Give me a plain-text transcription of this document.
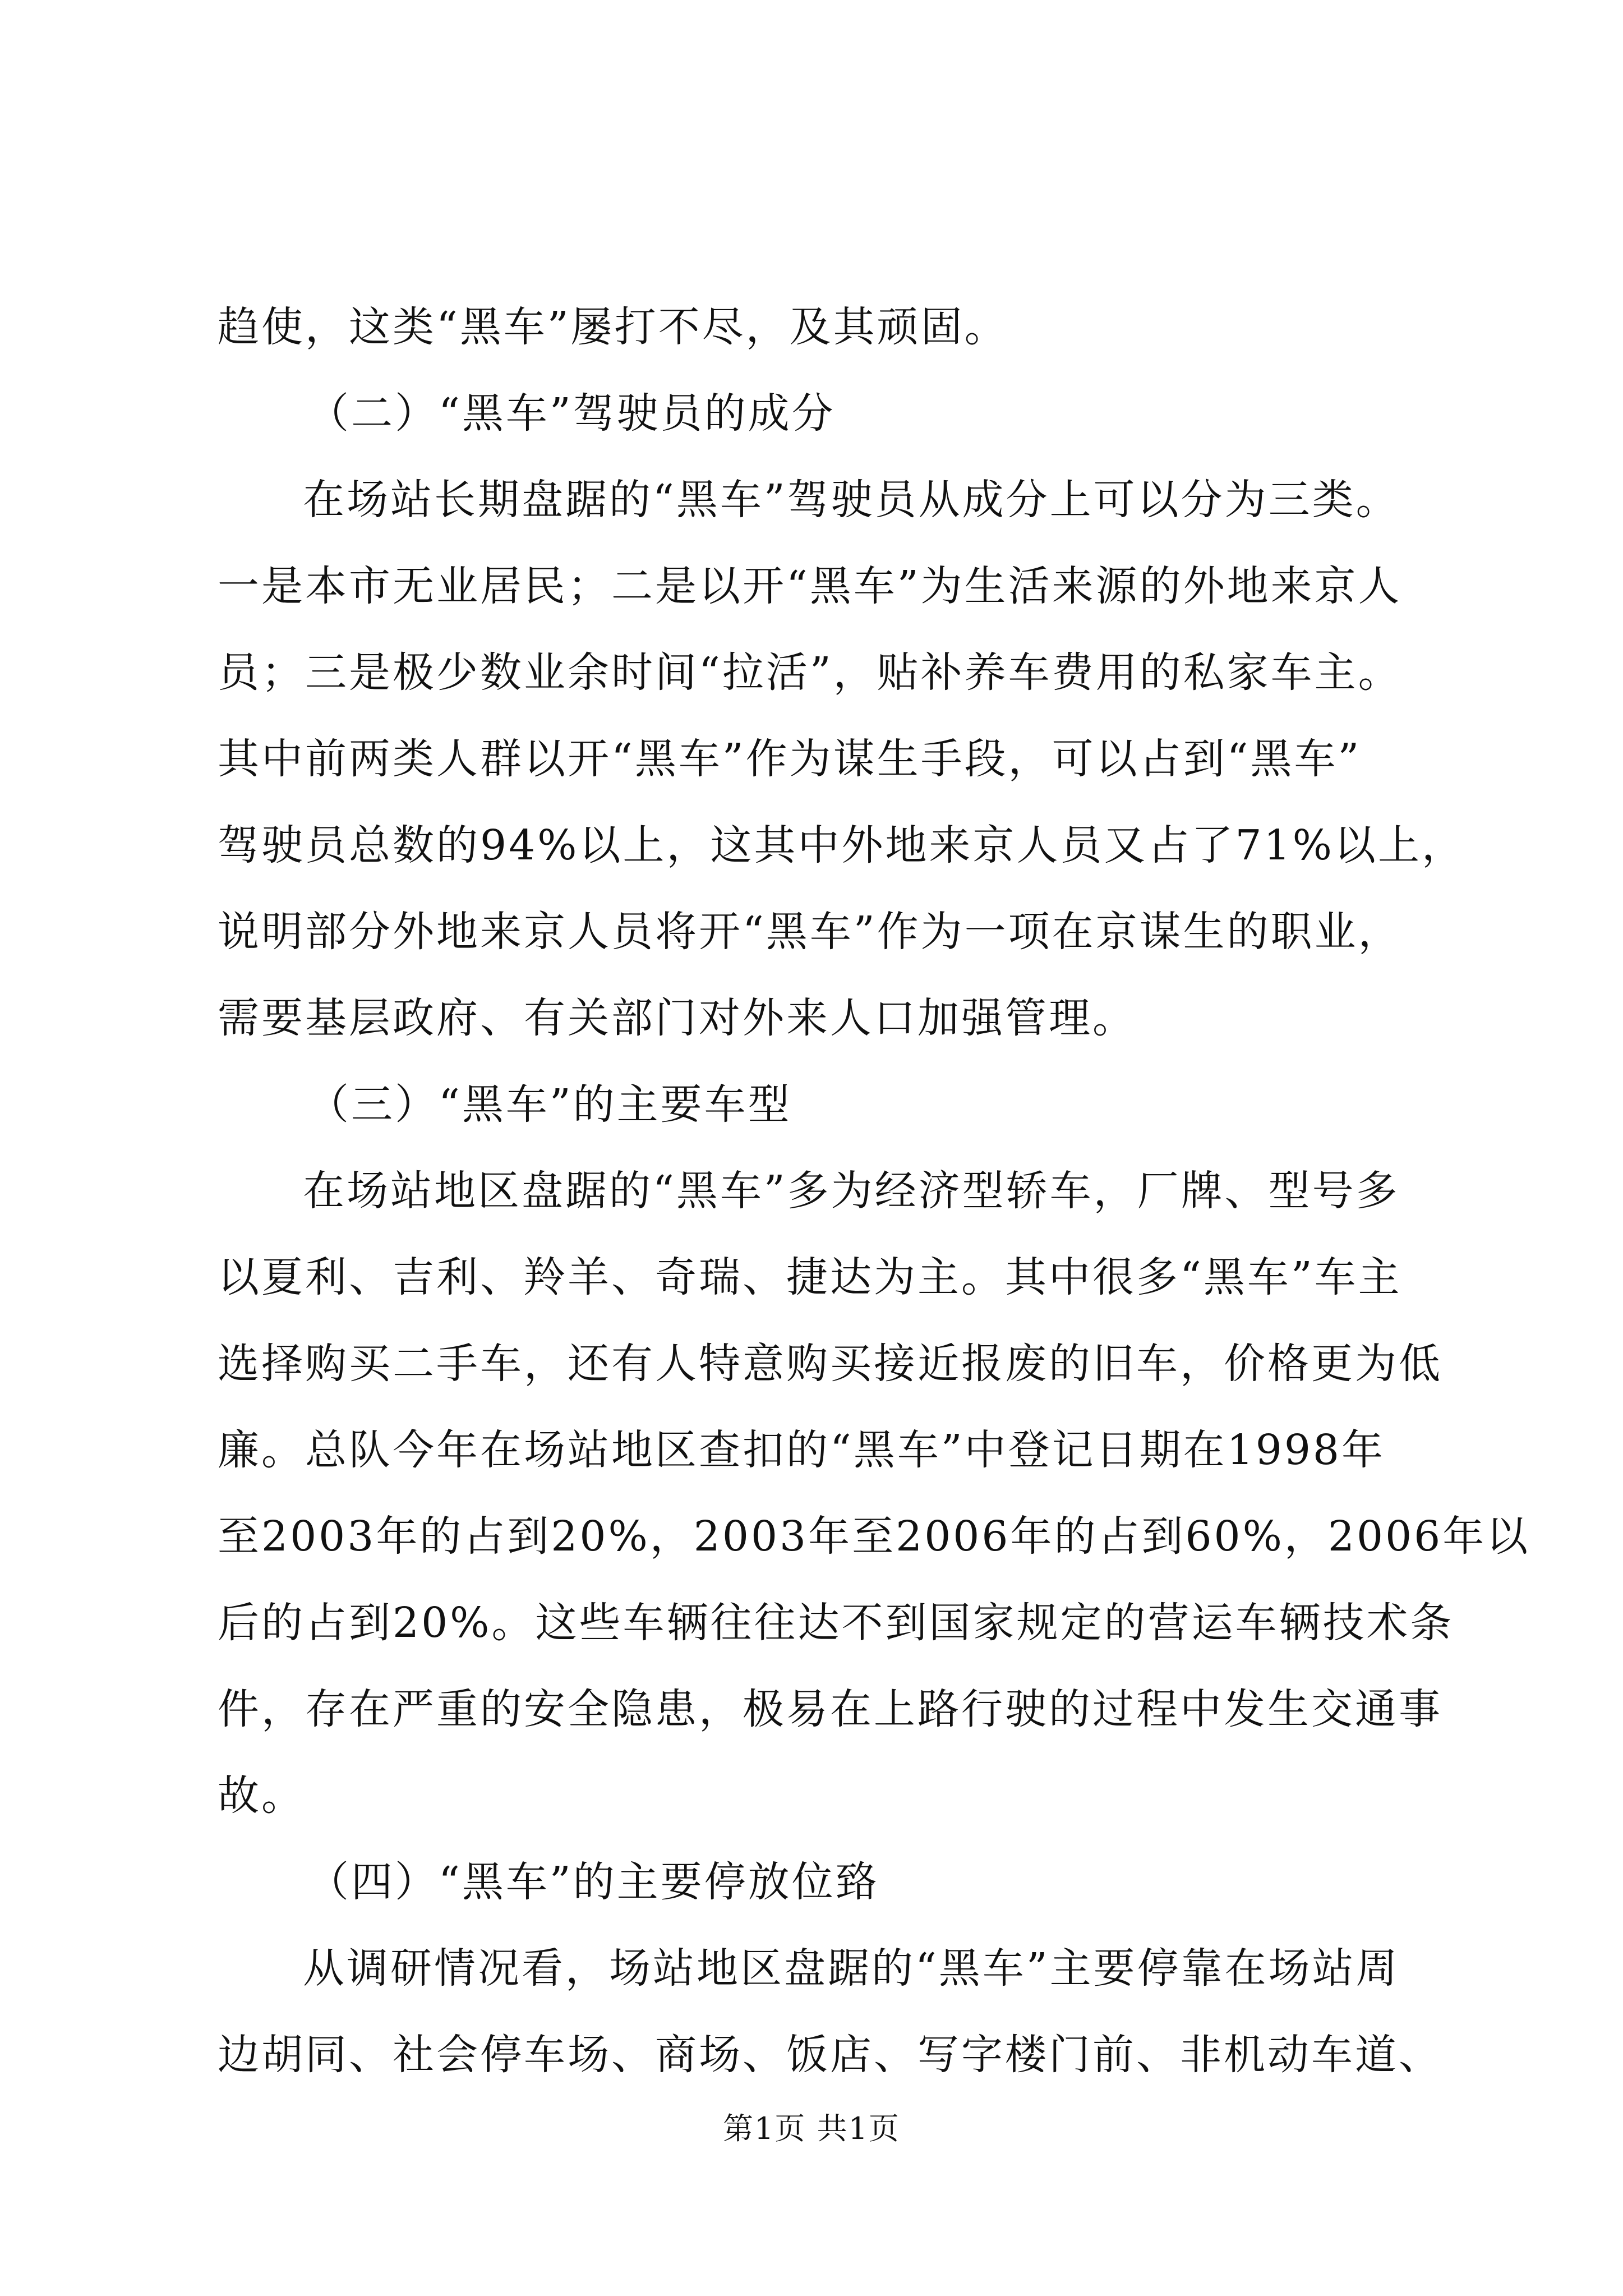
趋使，这类“黑车”屡打不尽，及其顽固。
（二）“黑车”驾驶员的成分
在场站长期盘踞的“黑车”驾驶员从成分上可以分为三类。
一是本市无业居民；二是以开“黑车”为生活来源的外地来京人
员；三是极少数业余时间“拉活”，贴补养车费用的私家车主。
其中前两类人群以开“黑车”作为谋生手段，可以占到“黑车”
驾驶员总数的94%以上，这其中外地来京人员又占了71%以上，
说明部分外地来京人员将开“黑车”作为一项在京谋生的职业，
需要基层政府、有关部门对外来人口加强管理。
（三）“黑车”的主要车型
在场站地区盘踞的“黑车”多为经济型轿车，厂牌、型号多
以夏利、吉利、羚羊、奇瑞、捷达为主。其中很多“黑车”车主
选择购买二手车，还有人特意购买接近报废的旧车，价格更为低
廉。总队今年在场站地区查扣的“黑车”中登记日期在1998年
至2003年的占到20%，2003年至2006年的占到60%，2006年以
后的占到20%。这些车辆往往达不到国家规定的营运车辆技术条
件，存在严重的安全隐患，极易在上路行驶的过程中发生交通事
故。
（四）“黑车”的主要停放位臵
从调研情况看，场站地区盘踞的“黑车”主要停靠在场站周
边胡同、社会停车场、商场、饭店、写字楼门前、非机动车道、
第1页 共1页
